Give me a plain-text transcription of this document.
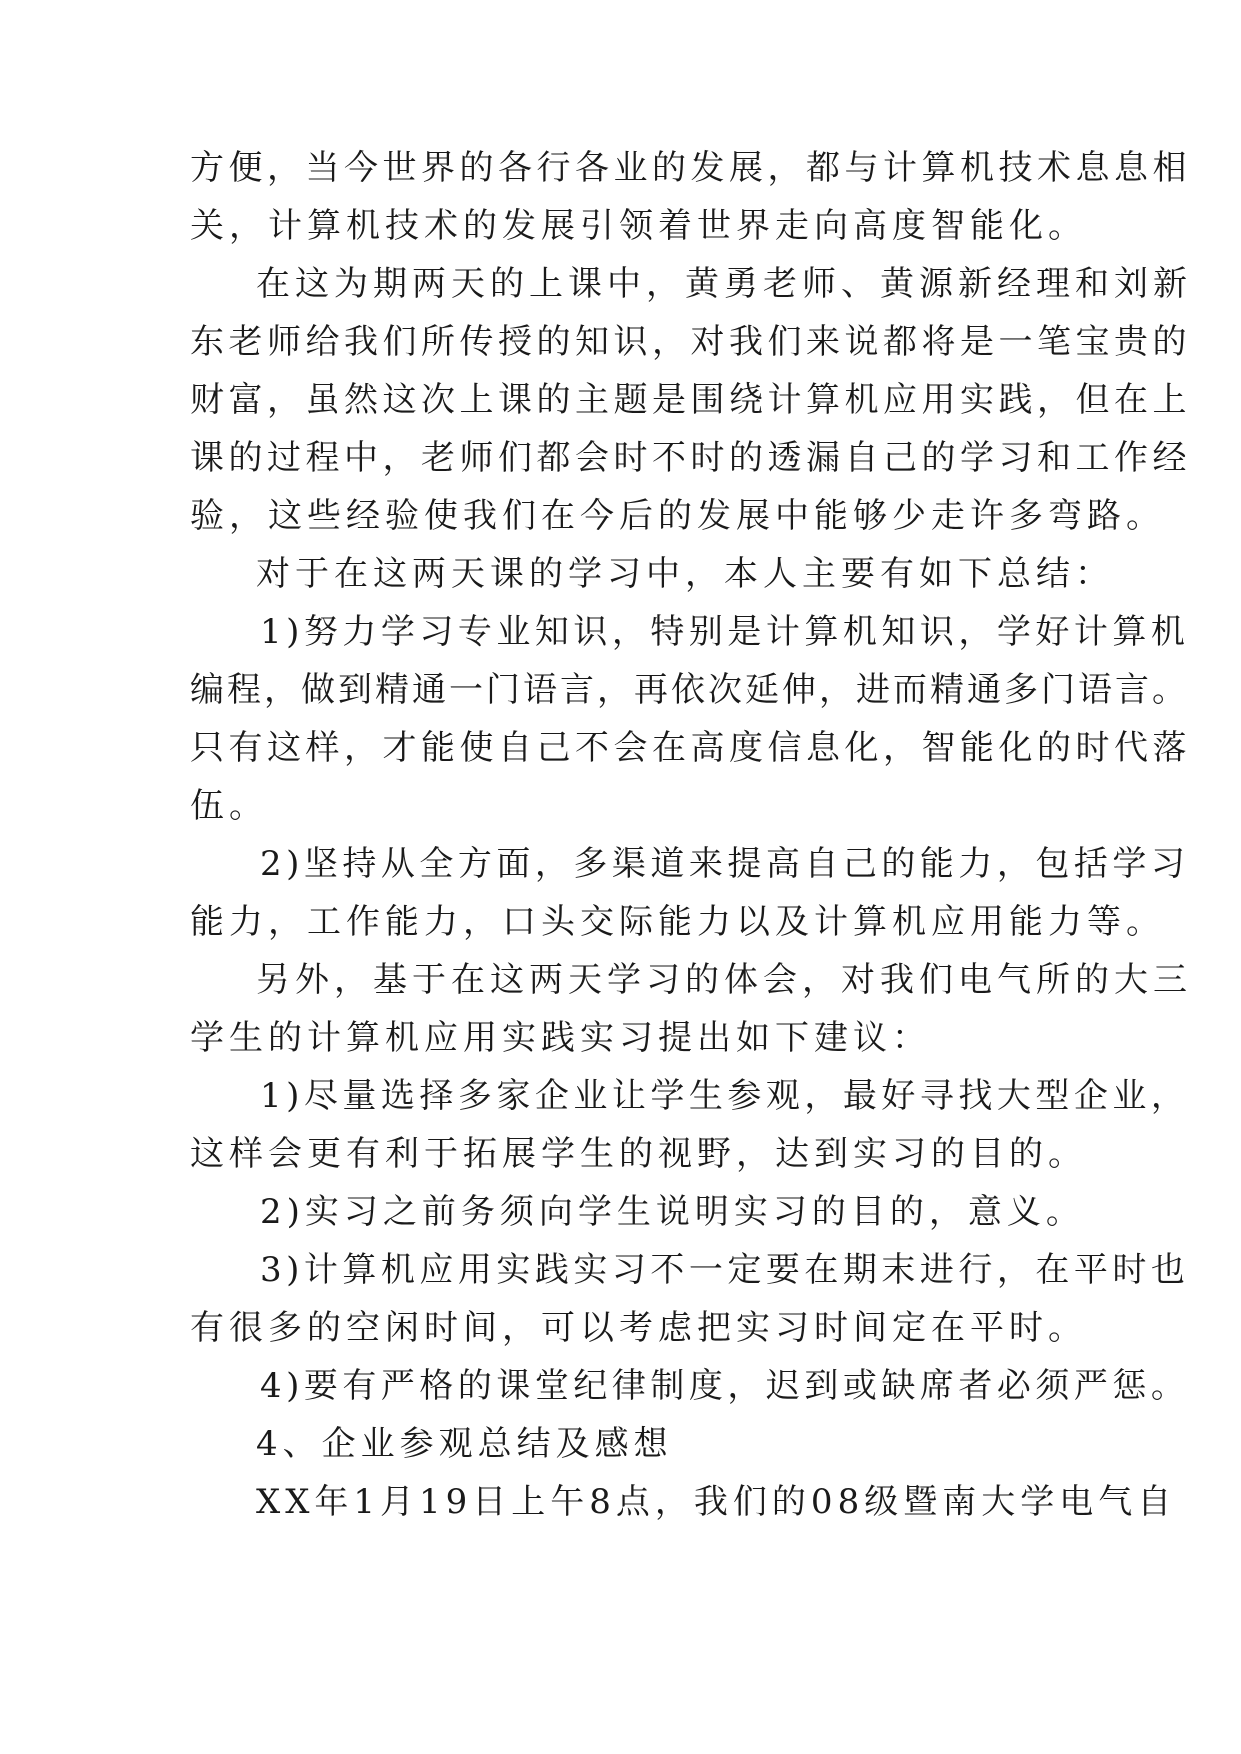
方便，当今世界的各行各业的发展，都与计算机技术息息相
关，计算机技术的发展引领着世界走向高度智能化。
在这为期两天的上课中，黄勇老师、黄源新经理和刘新
东老师给我们所传授的知识，对我们来说都将是一笔宝贵的
财富，虽然这次上课的主题是围绕计算机应用实践，但在上
课的过程中，老师们都会时不时的透漏自己的学习和工作经
验，这些经验使我们在今后的发展中能够少走许多弯路。
对于在这两天课的学习中，本人主要有如下总结：
1)努力学习专业知识，特别是计算机知识，学好计算机
编程，做到精通一门语言，再依次延伸，进而精通多门语言。
只有这样，才能使自己不会在高度信息化，智能化的时代落
伍。
2)坚持从全方面，多渠道来提高自己的能力，包括学习
能力，工作能力，口头交际能力以及计算机应用能力等。
另外，基于在这两天学习的体会，对我们电气所的大三
学生的计算机应用实践实习提出如下建议：
1)尽量选择多家企业让学生参观，最好寻找大型企业，
这样会更有利于拓展学生的视野，达到实习的目的。
2)实习之前务须向学生说明实习的目的，意义。
3)计算机应用实践实习不一定要在期末进行，在平时也
有很多的空闲时间，可以考虑把实习时间定在平时。
4)要有严格的课堂纪律制度，迟到或缺席者必须严惩。
4、企业参观总结及感想
XX年1月19日上午8点，我们的08级暨南大学电气自
